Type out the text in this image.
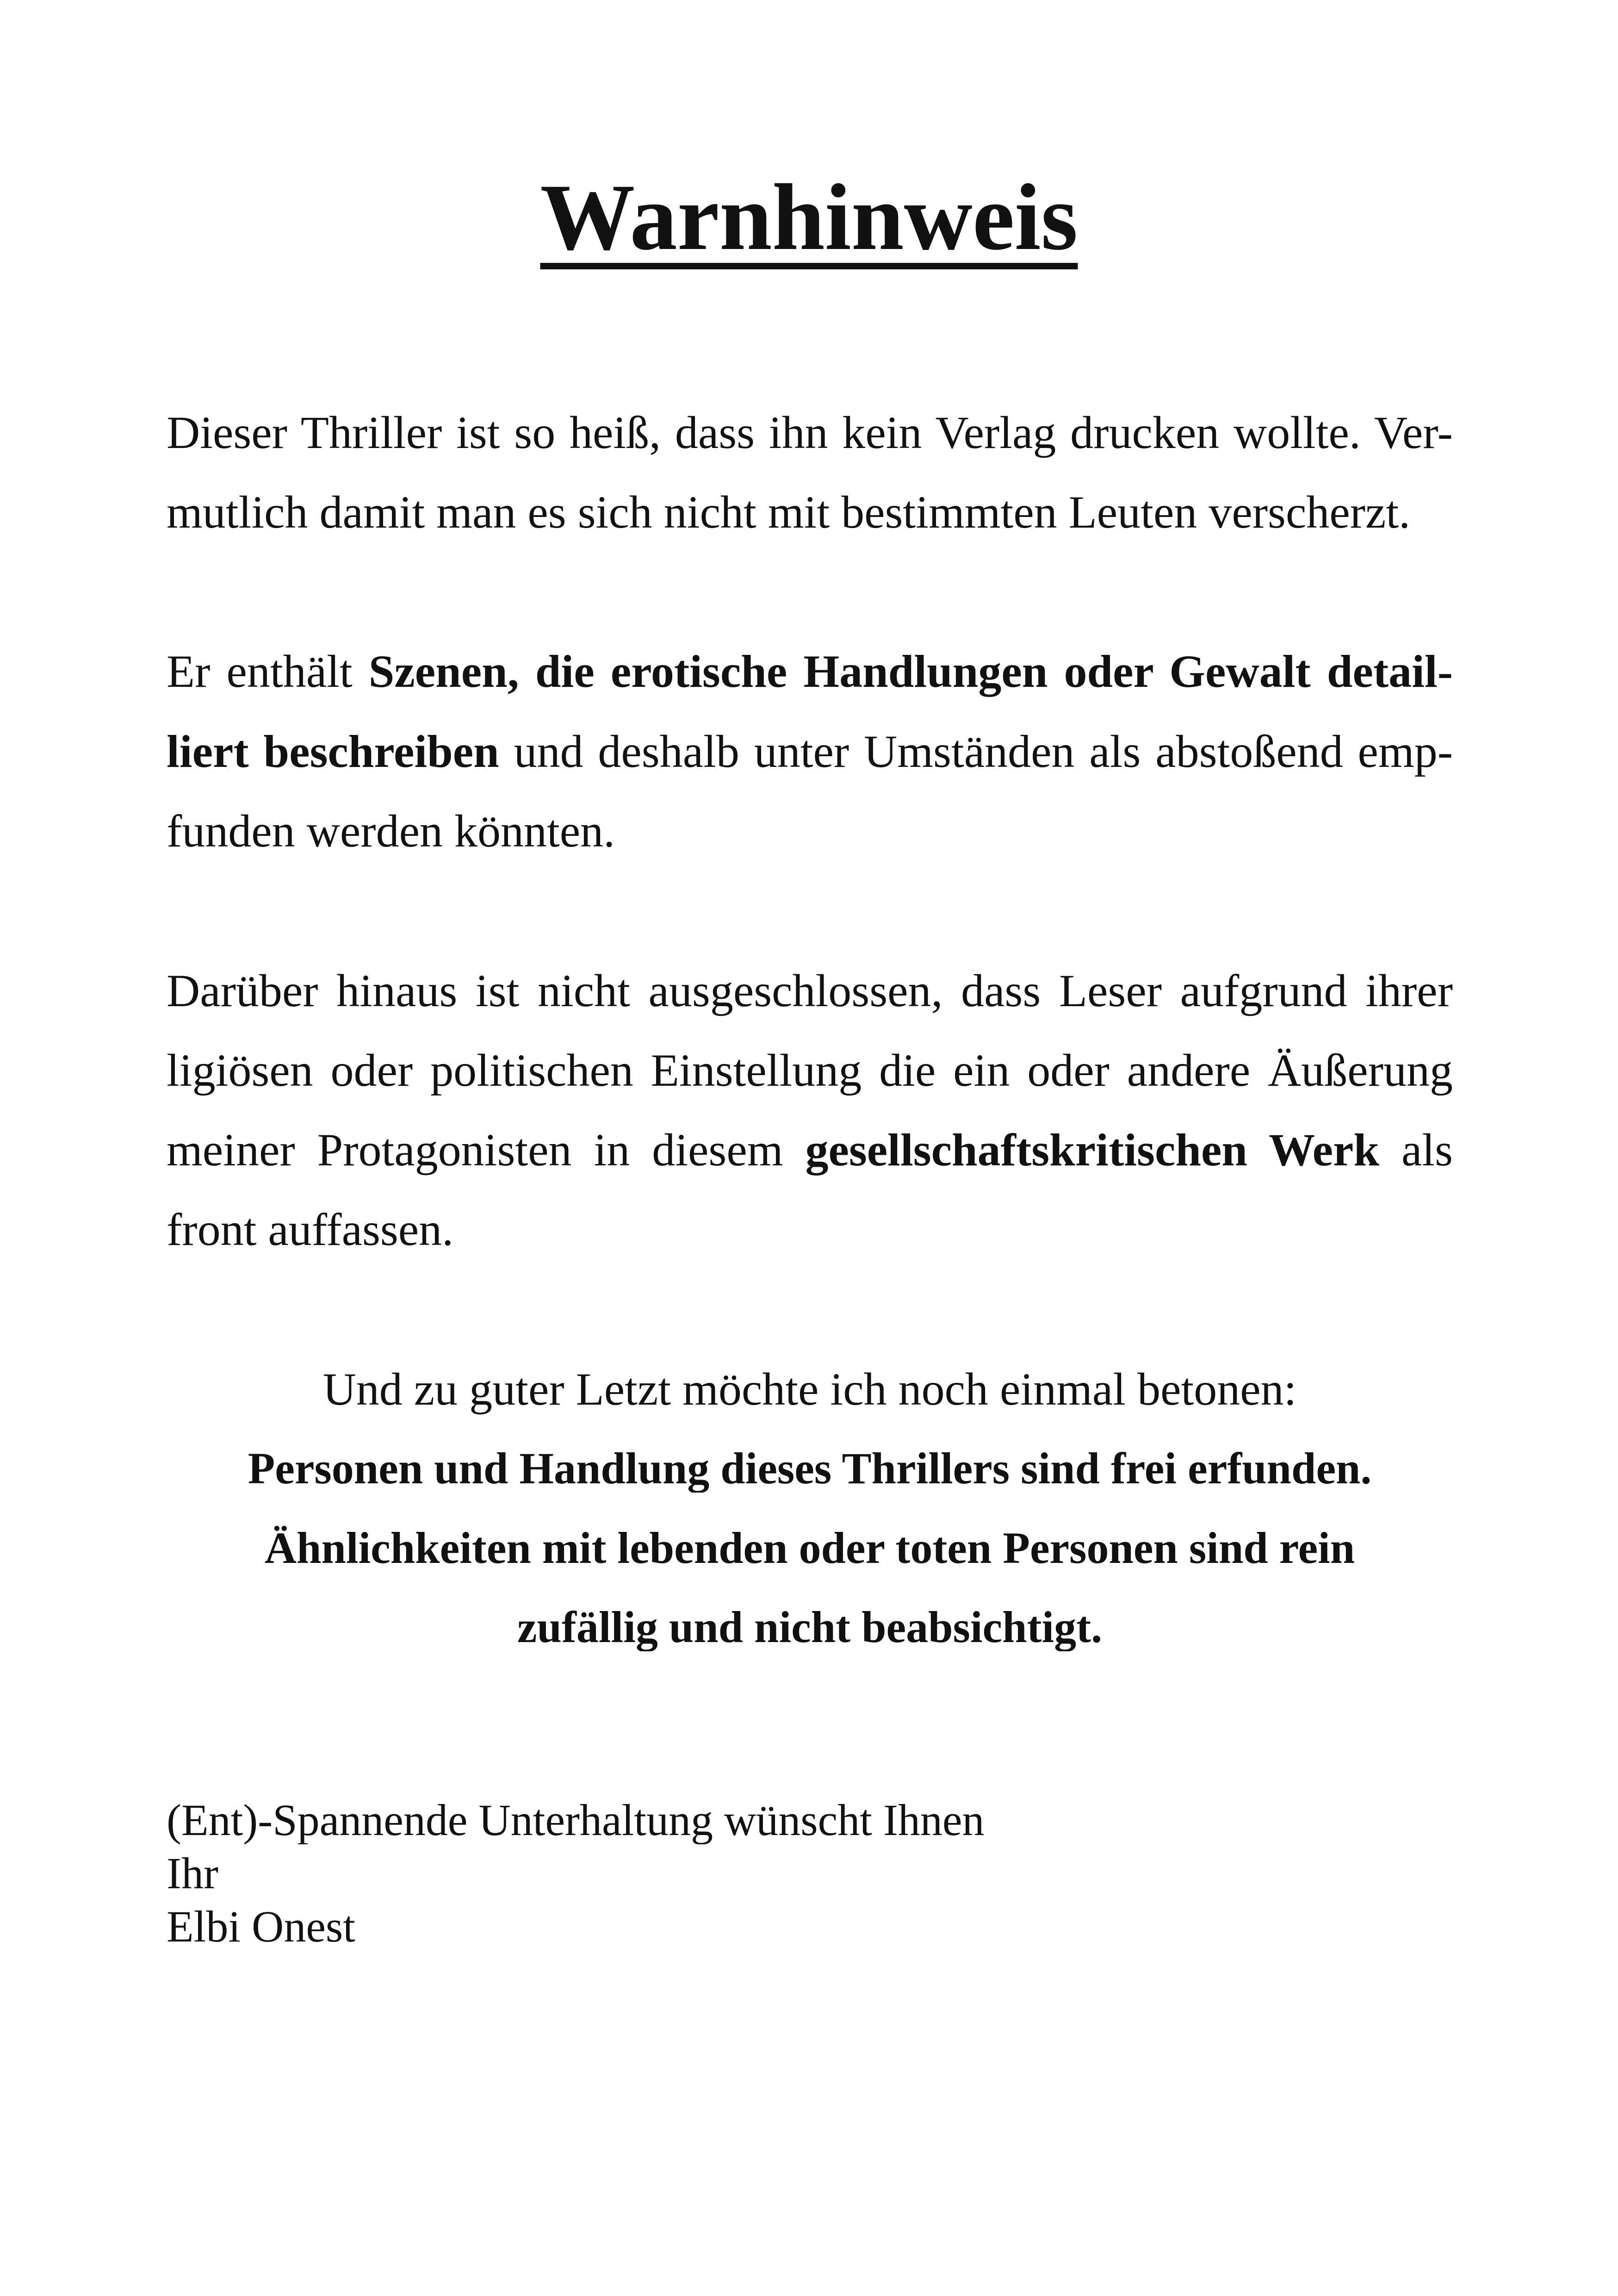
Warnhinweis
Dieser Thriller ist so heiß, dass ihn kein Verlag drucken wollte. Ver-
mutlich damit man es sich nicht mit bestimmten Leuten verscherzt.
Er enthält Szenen, die erotische Handlungen oder Gewalt detail-
liert beschreiben und deshalb unter Umständen als abstoßend emp-
funden werden könnten.
Darüber hinaus ist nicht ausgeschlossen, dass Leser aufgrund ihrer
ligiösen oder politischen Einstellung die ein oder andere Äußerung
meiner Protagonisten in diesem gesellschaftskritischen Werk als
front auffassen.
Und zu guter Letzt möchte ich noch einmal betonen:
Personen und Handlung dieses Thrillers sind frei erfunden.
Ähnlichkeiten mit lebenden oder toten Personen sind rein
zufällig und nicht beabsichtigt.
(Ent)-Spannende Unterhaltung wünscht Ihnen
Ihr
Elbi Onest
